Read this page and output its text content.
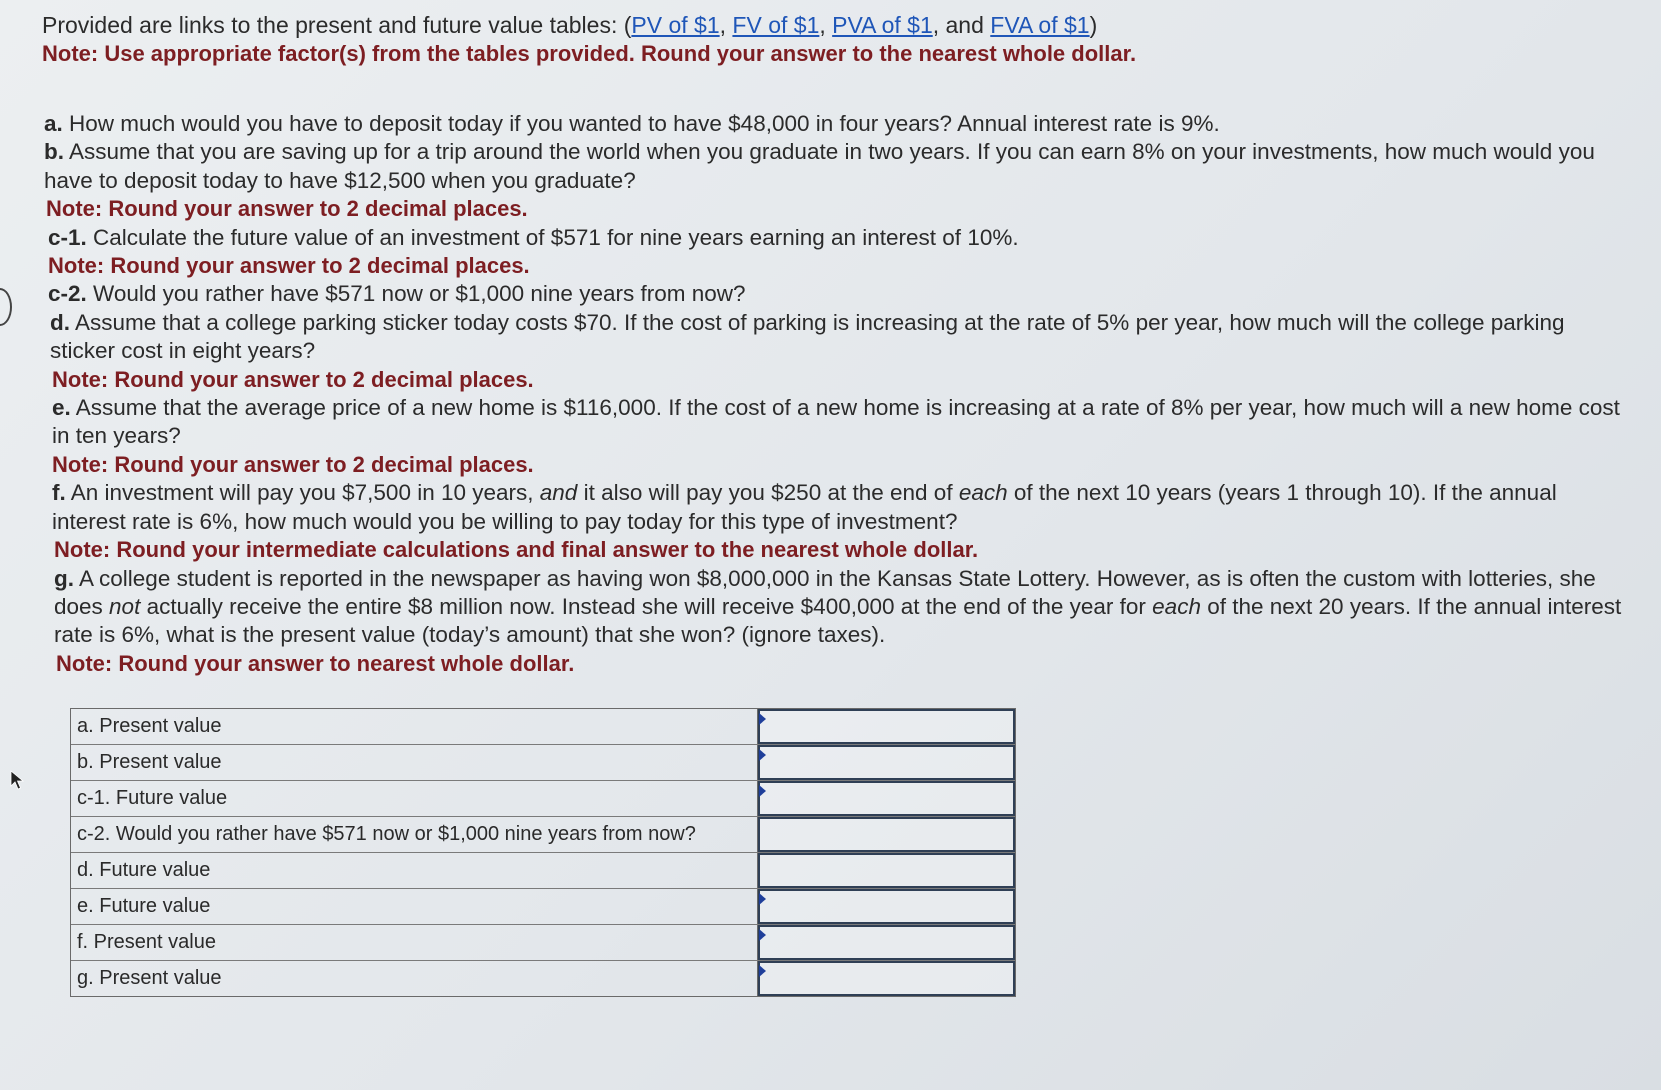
Provided are links to the present and future value tables: (PV of $1, FV of $1, PVA of $1, and FVA of $1)
Note: Use appropriate factor(s) from the tables provided. Round your answer to the nearest whole dollar.

a. How much would you have to deposit today if you wanted to have $48,000 in four years? Annual interest rate is 9%.

b. Assume that you are saving up for a trip around the world when you graduate in two years. If you can earn 8% on your investments, how much would you have to deposit today to have $12,500 when you graduate?

Note: Round your answer to 2 decimal places.

c-1. Calculate the future value of an investment of $571 for nine years earning an interest of 10%.

Note: Round your answer to 2 decimal places.

c-2. Would you rather have $571 now or $1,000 nine years from now?

d. Assume that a college parking sticker today costs $70. If the cost of parking is increasing at the rate of 5% per year, how much will the college parking sticker cost in eight years?

Note: Round your answer to 2 decimal places.

e. Assume that the average price of a new home is $116,000. If the cost of a new home is increasing at a rate of 8% per year, how much will a new home cost in ten years?

Note: Round your answer to 2 decimal places.

f. An investment will pay you $7,500 in 10 years, and it also will pay you $250 at the end of each of the next 10 years (years 1 through 10). If the annual interest rate is 6%, how much would you be willing to pay today for this type of investment?

Note: Round your intermediate calculations and final answer to the nearest whole dollar.

g. A college student is reported in the newspaper as having won $8,000,000 in the Kansas State Lottery. However, as is often the custom with lotteries, she does not actually receive the entire $8 million now. Instead she will receive $400,000 at the end of the year for each of the next 20 years. If the annual interest rate is 6%, what is the present value (today’s amount) that she won? (ignore taxes).

Note: Round your answer to nearest whole dollar.
a. Present value
b. Present value
c-1. Future value
c-2. Would you rather have $571 now or $1,000 nine years from now?
d. Future value
e. Future value
f. Present value
g. Present value
